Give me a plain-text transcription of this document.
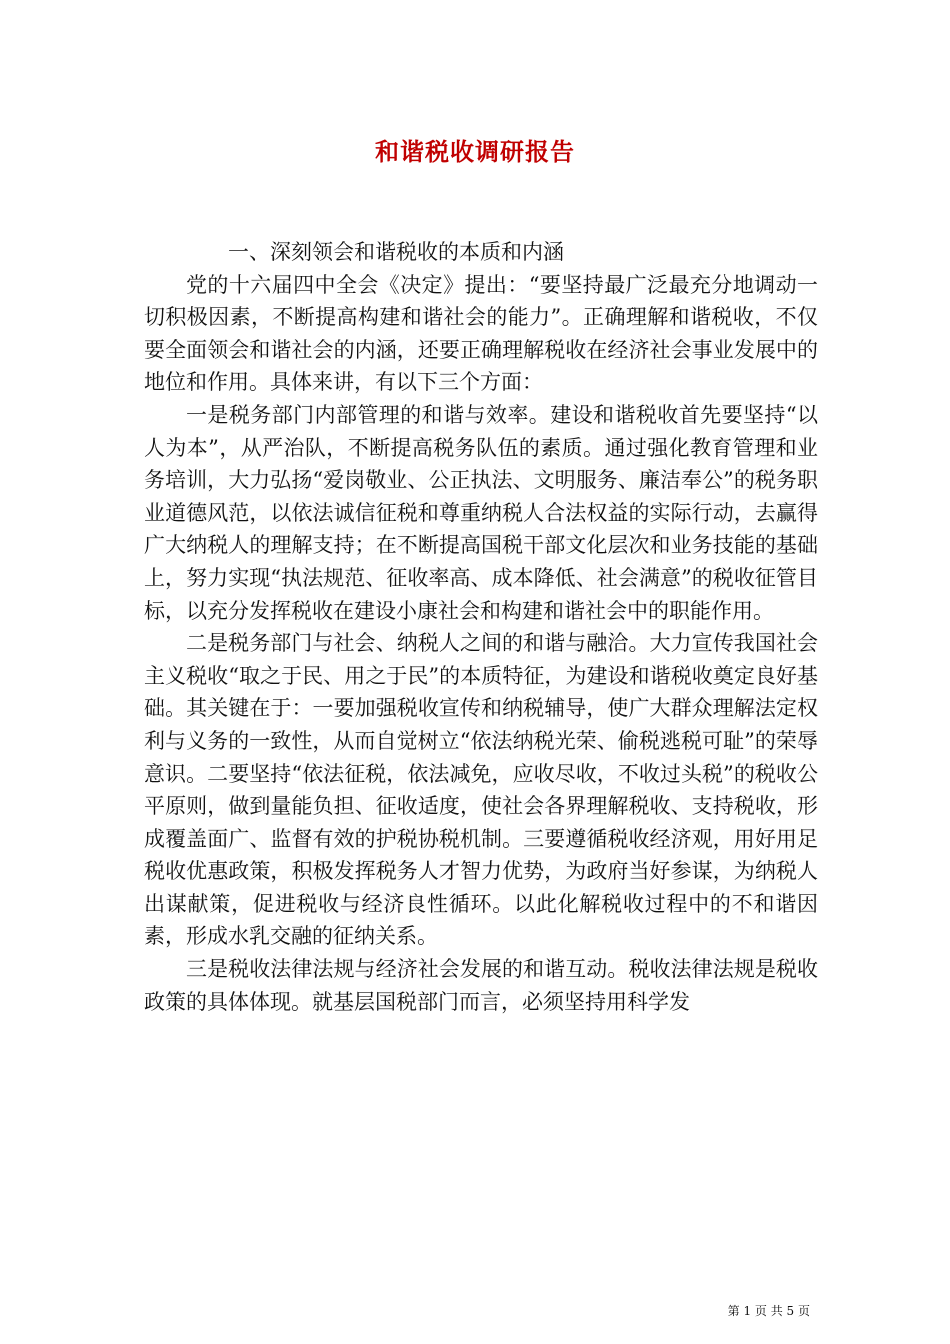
和谐税收调研报告

一、深刻领会和谐税收的本质和内涵

党的十六届四中全会《决定》提出：“要坚持最广泛最充分地调动一切积极因素，不断提高构建和谐社会的能力”。正确理解和谐税收，不仅要全面领会和谐社会的内涵，还要正确理解税收在经济社会事业发展中的地位和作用。具体来讲，有以下三个方面：

一是税务部门内部管理的和谐与效率。建设和谐税收首先要坚持“以人为本”，从严治队，不断提高税务队伍的素质。通过强化教育管理和业务培训，大力弘扬“爱岗敬业、公正执法、文明服务、廉洁奉公”的税务职业道德风范，以依法诚信征税和尊重纳税人合法权益的实际行动，去赢得广大纳税人的理解支持；在不断提高国税干部文化层次和业务技能的基础上，努力实现“执法规范、征收率高、成本降低、社会满意”的税收征管目标，以充分发挥税收在建设小康社会和构建和谐社会中的职能作用。

二是税务部门与社会、纳税人之间的和谐与融洽。大力宣传我国社会主义税收“取之于民、用之于民”的本质特征，为建设和谐税收奠定良好基础。其关键在于：一要加强税收宣传和纳税辅导，使广大群众理解法定权利与义务的一致性，从而自觉树立“依法纳税光荣、偷税逃税可耻”的荣辱意识。二要坚持“依法征税，依法减免，应收尽收，不收过头税”的税收公平原则，做到量能负担、征收适度，使社会各界理解税收、支持税收，形成覆盖面广、监督有效的护税协税机制。三要遵循税收经济观，用好用足税收优惠政策，积极发挥税务人才智力优势，为政府当好参谋，为纳税人出谋献策，促进税收与经济良性循环。以此化解税收过程中的不和谐因素，形成水乳交融的征纳关系。

三是税收法律法规与经济社会发展的和谐互动。税收法律法规是税收政策的具体体现。就基层国税部门而言，必须坚持用科学发

第 1 页 共 5 页
